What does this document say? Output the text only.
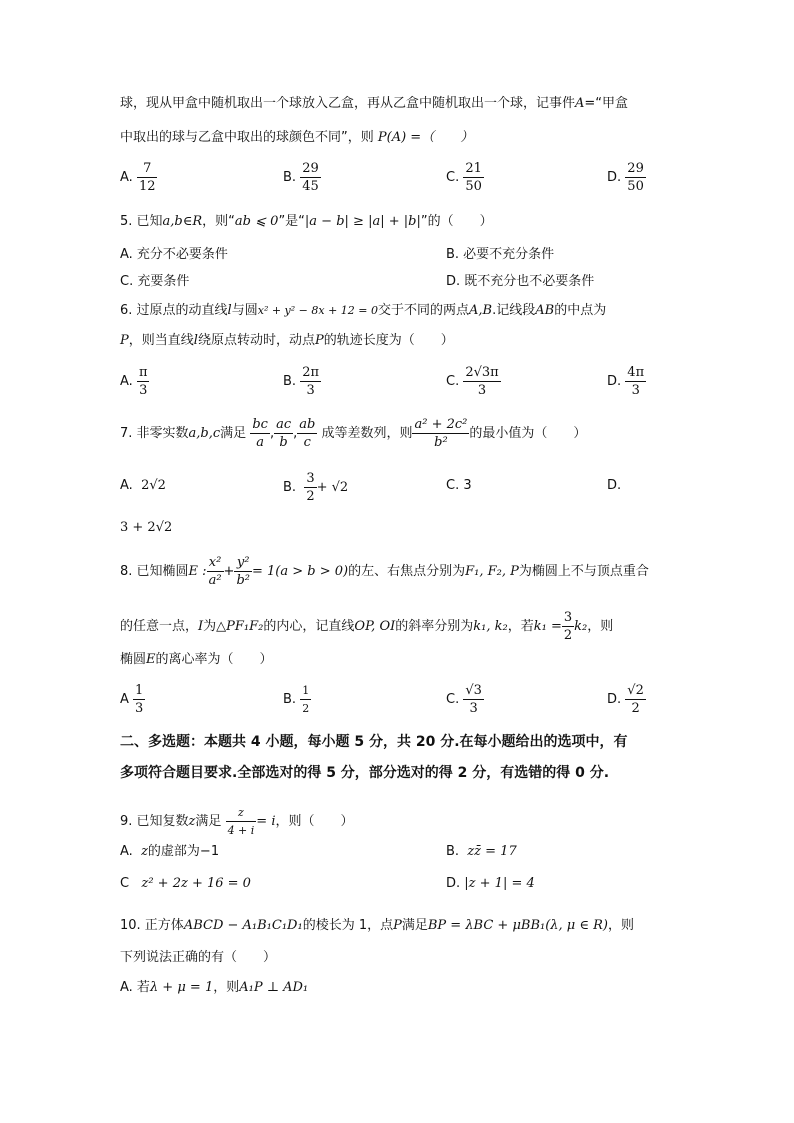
球，现从甲盒中随机取出一个球放入乙盒，再从乙盒中随机取出一个球，记事件A=“甲盒
中取出的球与乙盒中取出的球颜色不同”，则 P(A) =（　　）
A. $\frac{7}{12}$	B. $\frac{29}{45}$	C. $\frac{21}{50}$	D. $\frac{29}{50}$
5. 已知a,b∈R，则“ab ⩽ 0”是“|a − b| ≥ |a| + |b|”的（　　）
A. 充分不必要条件	B. 必要不充分条件
C. 充要条件	D. 既不充分也不必要条件
6. 过原点的动直线l与圆x² + y² − 8x + 12 = 0交于不同的两点A,B.记线段AB的中点为
P，则当直线l绕原点转动时，动点P的轨迹长度为（　　）
A. $\frac{\pi}{3}$	B. $\frac{2\pi}{3}$	C. $\frac{2√3\pi}{3}$	D. $\frac{4\pi}{3}$
7. 非零实数a,b,c满足 $\frac{bc}{a}$ , $\frac{ac}{b}$ , $\frac{ab}{c}$ 成等差数列，则 $\frac{\text{a² + 2c²}}{\text{b²}}$ 的最小值为（　　）
A. 2√2	B. $\frac{3}{2} + √2$	C. 3	D.
3 + 2√2
8. 已知椭圆E : $\frac{\text{x²}}{\text{a²}} + \frac{\text{y²}}{\text{b²}} = 1(a > b > 0)$的左、右焦点分别为F₁, F₂, P为椭圆上不与顶点重合
的任意一点，I为△PF₁F₂的内心，记直线OP, OI的斜率分别为k₁, k₂，若$k_1 = \frac{3}{2} k_2$，则
椭圆E的离心率为（　　）
A $\frac{1}{3}$	B. $\frac{1}{2}$	C. $\frac{√3}{3}$	D. $\frac{√2}{2}$
二、多选题：本题共 4 小题，每小题 5 分，共 20 分.在每小题给出的选项中，有
多项符合题目要求.全部选对的得 5 分，部分选对的得 2 分，有选错的得 0 分.
9. 已知复数z满足 $\frac{z}{4 + i} = i$，则（　　）
A. z的虚部为−1	B. zz̄ = 17
C z² + 2z + 16 = 0	D. |z + 1| = 4
10. 正方体ABCD − A₁B₁C₁D₁的棱长为 1，点P满足BP = λBC + μBB₁(λ, μ ∈ R)，则
下列说法正确的有（　　）
A. 若λ + μ = 1，则A₁P ⊥ AD₁
